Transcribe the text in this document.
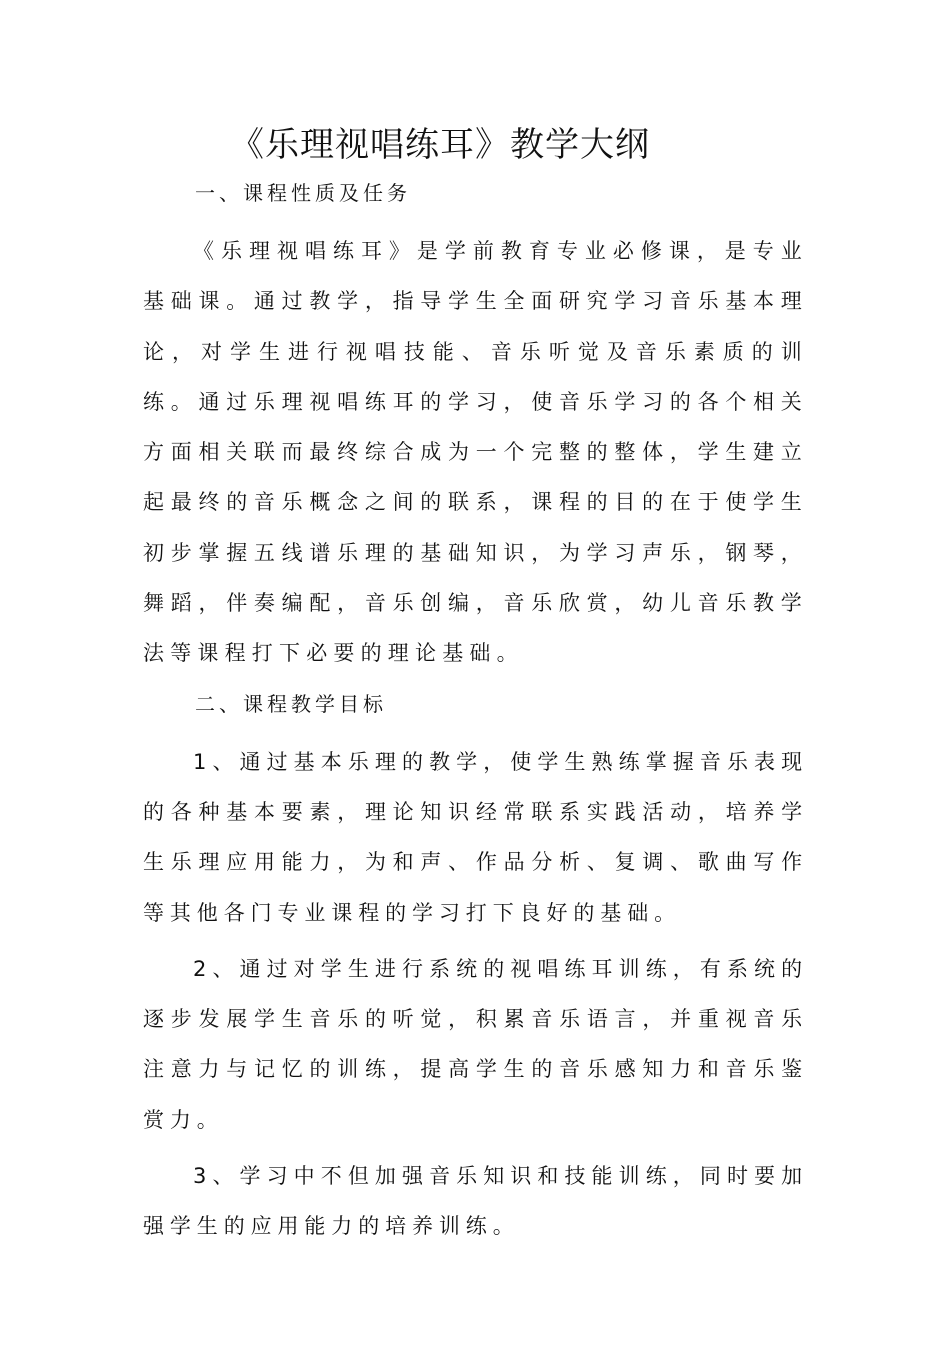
《乐理视唱练耳》教学大纲

一、课程性质及任务

《乐理视唱练耳》是学前教育专业必修课，是专业基础课。通过教学，指导学生全面研究学习音乐基本理论，对学生进行视唱技能、音乐听觉及音乐素质的训练。通过乐理视唱练耳的学习，使音乐学习的各个相关方面相关联而最终综合成为一个完整的整体，学生建立起最终的音乐概念之间的联系，课程的目的在于使学生初步掌握五线谱乐理的基础知识，为学习声乐，钢琴，舞蹈，伴奏编配，音乐创编，音乐欣赏，幼儿音乐教学法等课程打下必要的理论基础。

二、课程教学目标

1、通过基本乐理的教学，使学生熟练掌握音乐表现的各种基本要素，理论知识经常联系实践活动，培养学生乐理应用能力，为和声、作品分析、复调、歌曲写作等其他各门专业课程的学习打下良好的基础。

2、通过对学生进行系统的视唱练耳训练，有系统的逐步发展学生音乐的听觉，积累音乐语言，并重视音乐注意力与记忆的训练，提高学生的音乐感知力和音乐鉴赏力。

3、学习中不但加强音乐知识和技能训练，同时要加强学生的应用能力的培养训练。
